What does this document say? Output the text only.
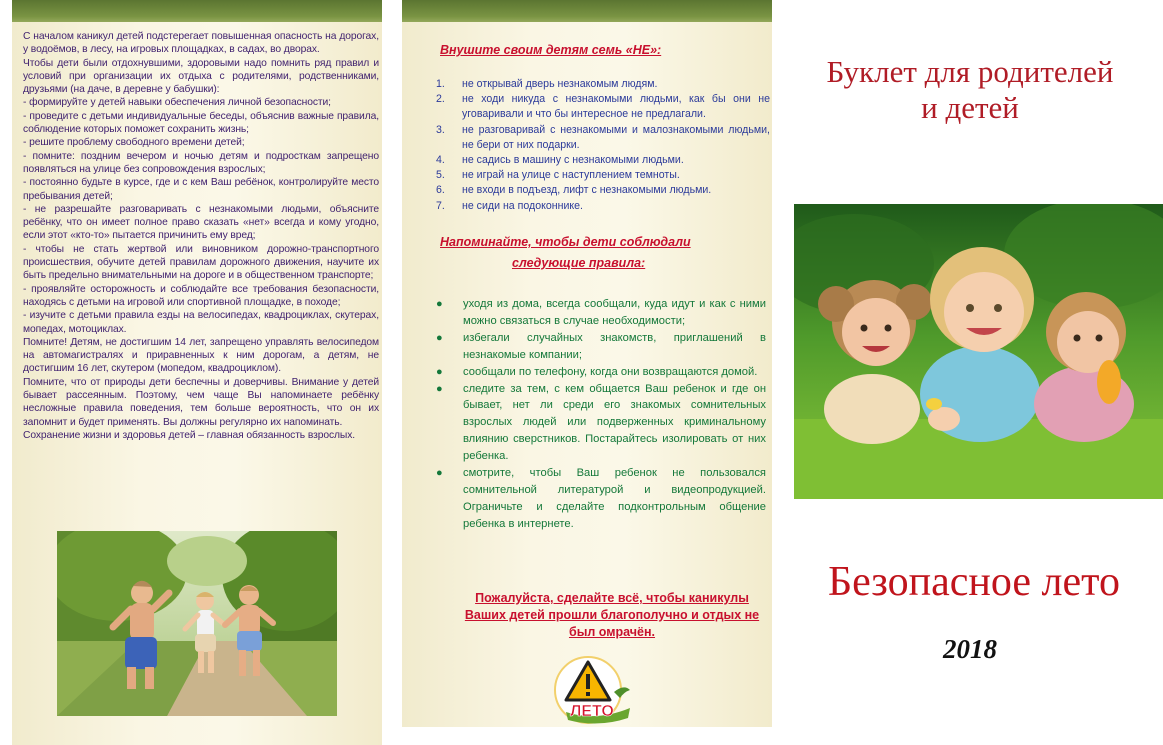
С началом каникул детей подстерегает повышенная опасность на дорогах, у водоёмов, в лесу, на игровых площадках, в садах, во дворах.

Чтобы дети были отдохнувшими, здоровыми надо помнить ряд правил и условий при организации их отдыха с родителями, родственниками, друзьями (на даче, в деревне у бабушки):

- формируйте у детей навыки обеспечения личной безопасности;

- проведите с детьми индивидуальные беседы, объяснив важные правила, соблюдение которых поможет сохранить жизнь;

- решите проблему свободного времени детей;

- помните: поздним вечером и ночью детям и подросткам запрещено появляться на улице без сопровождения взрослых;

- постоянно будьте в курсе, где и с кем Ваш ребёнок, контролируйте место пребывания детей;

- не разрешайте разговаривать с незнакомыми людьми, объясните ребёнку, что он имеет полное право сказать «нет» всегда и кому угодно, если этот «кто-то» пытается причинить ему вред;

- чтобы не стать жертвой или виновником дорожно-транспортного происшествия, обучите детей правилам дорожного движения, научите их быть предельно внимательными на дороге и в общественном транспорте;

- проявляйте осторожность и соблюдайте все требования безопасности, находясь с детьми на игровой или спортивной площадке, в походе;

- изучите с детьми правила езды на велосипедах, квадроциклах, скутерах, мопедах, мотоциклах.

Помните! Детям, не достигшим 14 лет, запрещено управлять велосипедом на автомагистралях и приравненных к ним дорогам, а детям, не достигшим 16 лет, скутером (мопедом, квадроциклом).

Помните, что от природы дети беспечны и доверчивы. Внимание у детей бывает рассеянным. Поэтому, чем чаще Вы напоминаете ребёнку несложные правила поведения, тем больше вероятность, что он их запомнит и будет применять. Вы должны регулярно их напоминать.

Сохранение жизни и здоровья детей – главная обязанность взрослых.

Внушите своим детям семь «НЕ»:
1. не открывай дверь незнакомым людям.
2. не ходи никуда с незнакомыми людьми, как бы они не уговаривали и что бы интересное не предлагали.
3. не разговаривай с незнакомыми и малознакомыми людьми, не бери от них подарки.
4. не садись в машину с незнакомыми людьми.
5. не играй на улице с наступлением темноты.
6. не входи в подъезд, лифт с незнакомыми людьми.
7. не сиди на подоконнике.
Напоминайте, чтобы дети соблюдали
следующие правила:
● уходя из дома, всегда сообщали, куда идут и как с ними можно связаться в случае необходимости;
● избегали случайных знакомств, приглашений в незнакомые компании;
● сообщали по телефону, когда они возвращаются домой.
● следите за тем, с кем общается Ваш ребенок и где он бывает, нет ли среди его знакомых сомнительных взрослых людей или подверженных криминальному влиянию сверстников. Постарайтесь изолировать от них ребенка.
● смотрите, чтобы Ваш ребенок не пользовался сомнительной литературой и видеопродукцией. Ограничьте и сделайте подконтрольным общение ребенка в интернете.
Пожалуйста, сделайте всё, чтобы каникулы Ваших детей прошли благополучно и отдых не был омрачён.
ЛЕТО
Буклет для родителей
и детей
Безопасное лето
2018
